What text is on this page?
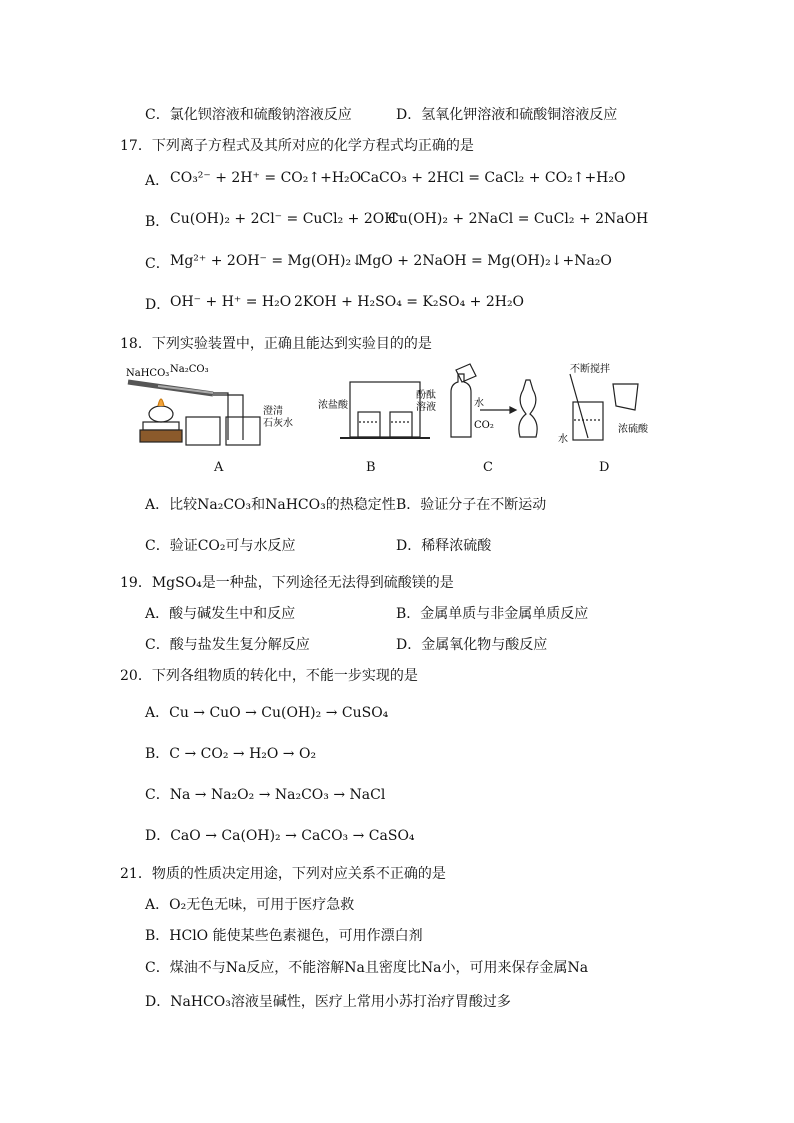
C．氯化钡溶液和硫酸钠溶液反应	D．氢氧化钾溶液和硫酸铜溶液反应
17．下列离子方程式及其所对应的化学方程式均正确的是
A． CO₃²⁻ + 2H⁺ = CO₂↑+H₂O
CaCO₃ + 2HCl = CaCl₂ + CO₂↑+H₂O
B． Cu(OH)₂ + 2Cl⁻ = CuCl₂ + 2OH⁻
Cu(OH)₂ + 2NaCl = CuCl₂ + 2NaOH
C． Mg²⁺ + 2OH⁻ = Mg(OH)₂↓
MgO + 2NaOH = Mg(OH)₂↓+Na₂O
D． OH⁻ + H⁺ = H₂O 2KOH + H₂SO₄ = K₂SO₄ + 2H₂O
18．下列实验装置中，正确且能达到实验目的的是
NaHCO₃ Na₂CO₃
澄清石灰水
浓盐酸
酚酞溶液	水
CO₂
不断搅拌
水
浓硫酸
A	B	C	D
A．比较Na₂CO₃和NaHCO₃的热稳定性 B．验证分子在不断运动
C．验证CO₂可与水反应	D．稀释浓硫酸
19．MgSO₄是一种盐，下列途径无法得到硫酸镁的是
A．酸与碱发生中和反应	B．金属单质与非金属单质反应
C．酸与盐发生复分解反应	D．金属氧化物与酸反应
20．下列各组物质的转化中，不能一步实现的是
A．Cu → CuO → Cu(OH)₂ → CuSO₄
B．C → CO₂ → H₂O → O₂
C．Na → Na₂O₂ → Na₂CO₃ → NaCl
D．CaO → Ca(OH)₂ → CaCO₃ → CaSO₄
21．物质的性质决定用途，下列对应关系不正确的是
A．O₂无色无味，可用于医疗急救
B．HClO 能使某些色素褪色，可用作漂白剂
C．煤油不与Na反应，不能溶解Na且密度比Na小，可用来保存金属Na
D．NaHCO₃溶液呈碱性，医疗上常用小苏打治疗胃酸过多
